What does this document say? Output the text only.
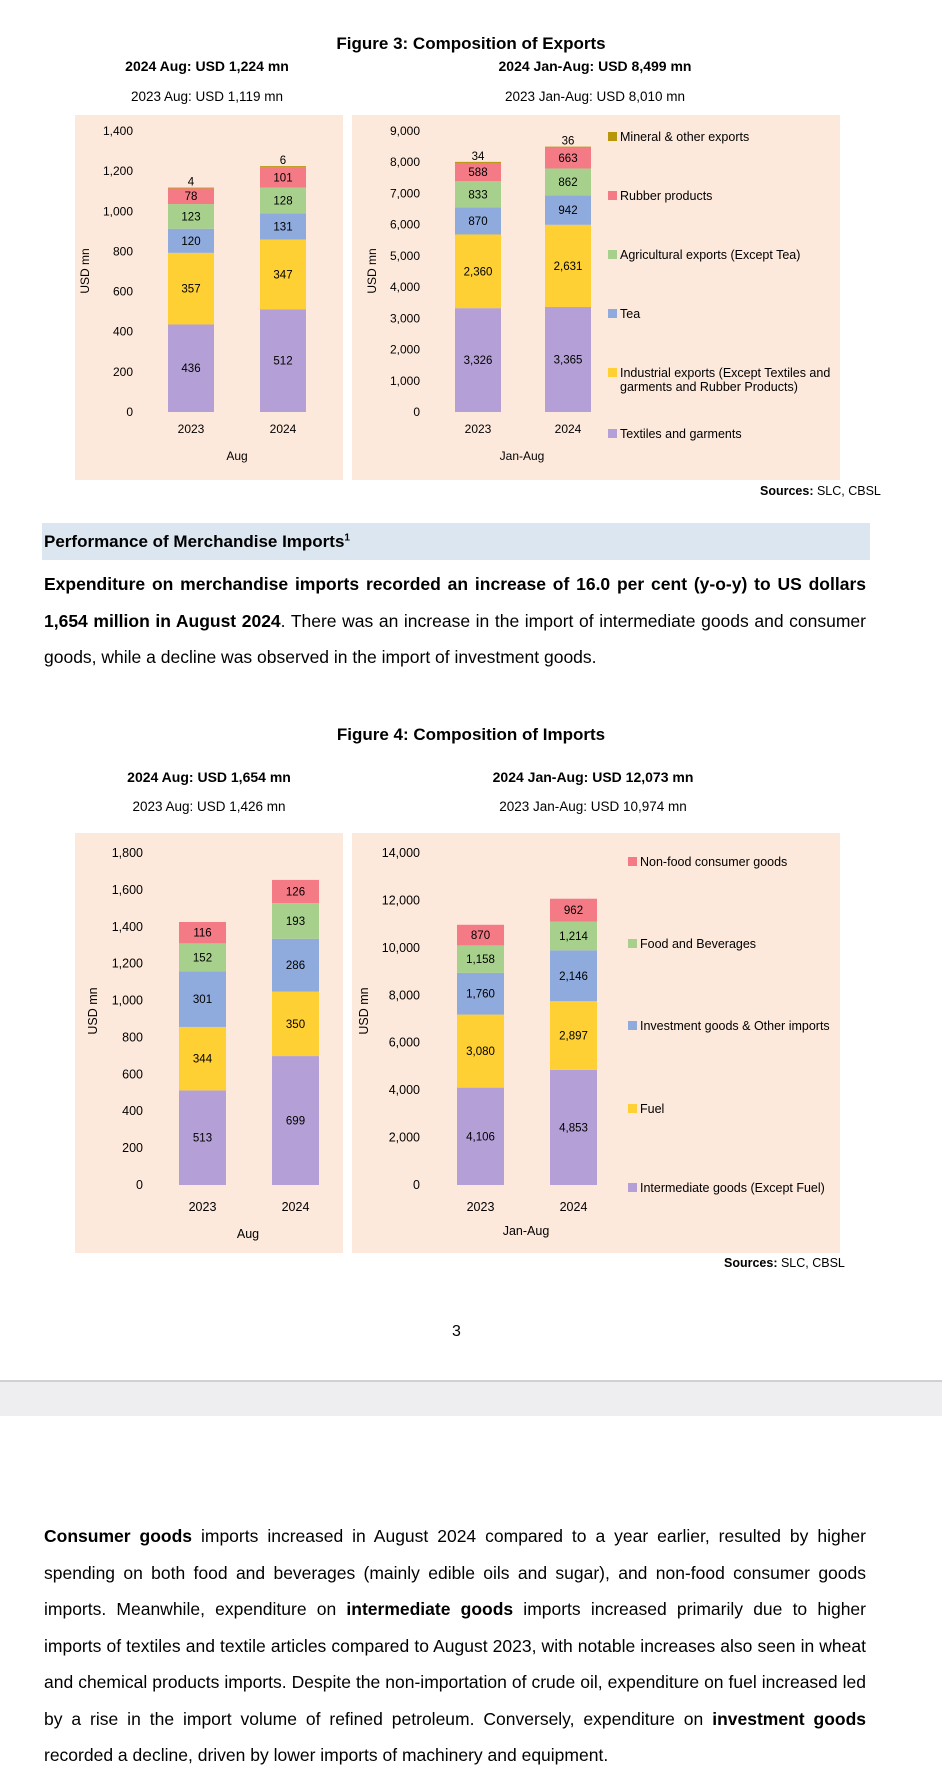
Figure 3: Composition of Exports
2024 Aug: USD 1,224 mn
2023 Aug: USD 1,119 mn
2024 Jan-Aug: USD 8,499 mn
2023 Jan-Aug: USD 8,010 mn
0
200
400
600
800
1,000
1,200
1,400
USD mn
436
357
120
123
78
4
2023
512
347
131
128
101
6
2024
Aug
0
1,000
2,000
3,000
4,000
5,000
6,000
7,000
8,000
9,000
USD mn
3,326
2,360
870
833
588
34
2023
3,365
2,631
942
862
663
36
2024
Jan-Aug
Sources: SLC, CBSL
Performance of Merchandise Imports$^1$
Expenditure on merchandise imports recorded an increase of 16.0 per cent (y-o-y) to US dollars 1,654 million in August 2024. There was an increase in the import of intermediate goods and consumer goods, while a decline was observed in the import of investment goods.
Figure 4: Composition of Imports
2024 Aug: USD 1,654 mn
2023 Aug: USD 1,426 mn
2024 Jan-Aug: USD 12,073 mn
2023 Jan-Aug: USD 10,974 mn
0
200
400
600
800
1,000
1,200
1,400
1,600
1,800
USD mn
513
344
301
152
116
2023
699
350
286
193
126
2024
Aug
0
2,000
4,000
6,000
8,000
10,000
12,000
14,000
USD mn
4,106
3,080
1,760
1,158
870
2023
4,853
2,897
2,146
1,214
962
2024
Jan-Aug
Sources: SLC, CBSL
3
Consumer goods imports increased in August 2024 compared to a year earlier, resulted by higher spending on both food and beverages (mainly edible oils and sugar), and non-food consumer goods imports. Meanwhile, expenditure on intermediate goods imports increased primarily due to higher imports of textiles and textile articles compared to August 2023, with notable increases also seen in wheat and chemical products imports. Despite the non-importation of crude oil, expenditure on fuel increased led by a rise in the import volume of refined petroleum. Conversely, expenditure on investment goods recorded a decline, driven by lower imports of machinery and equipment.
Mineral & other exports
Rubber products
Agricultural exports (Except Tea)
Tea
Industrial exports (Except Textiles and garments and Rubber Products)
Textiles and garments
Non-food consumer goods
Food and Beverages
Investment goods & Other imports
Fuel
Intermediate goods (Except Fuel)
